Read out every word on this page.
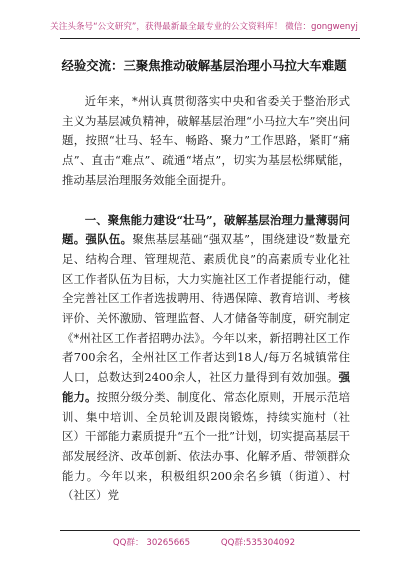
关注头条号“公文研究”，获得最新最全最专业的公文资料库！ 微信：gongwenyj
经验交流：三聚焦推动破解基层治理小马拉大车难题

近年来，*州认真贯彻落实中央和省委关于整治形式主义为基层减负精神，破解基层治理“小马拉大车”突出问题，按照“壮马、轻车、畅路、聚力”工作思路，紧盯“痛点”、直击“难点”、疏通“堵点”，切实为基层松绑赋能，推动基层治理服务效能全面提升。

一、聚焦能力建设“壮马”，破解基层治理力量薄弱问题。强队伍。聚焦基层基础“强双基”，围绕建设“数量充足、结构合理、管理规范、素质优良”的高素质专业化社区工作者队伍为目标，大力实施社区工作者提能行动，健全完善社区工作者选拔聘用、待遇保障、教育培训、考核评价、关怀激励、管理监督、人才储备等制度，研究制定《*州社区工作者招聘办法》。今年以来，新招聘社区工作者700余名，全州社区工作者达到18人/每万名城镇常住人口，总数达到2400余人，社区力量得到有效加强。强能力。按照分级分类、制度化、常态化原则，开展示范培训、集中培训、全员轮训及跟岗锻炼，持续实施村（社区）干部能力素质提升“五个一批”计划，切实提高基层干部发展经济、改革创新、依法办事、化解矛盾、带领群众能力。今年以来，积极组织200余名乡镇（街道）、村（社区）党

QQ群： 30265665	QQ群:535304092
